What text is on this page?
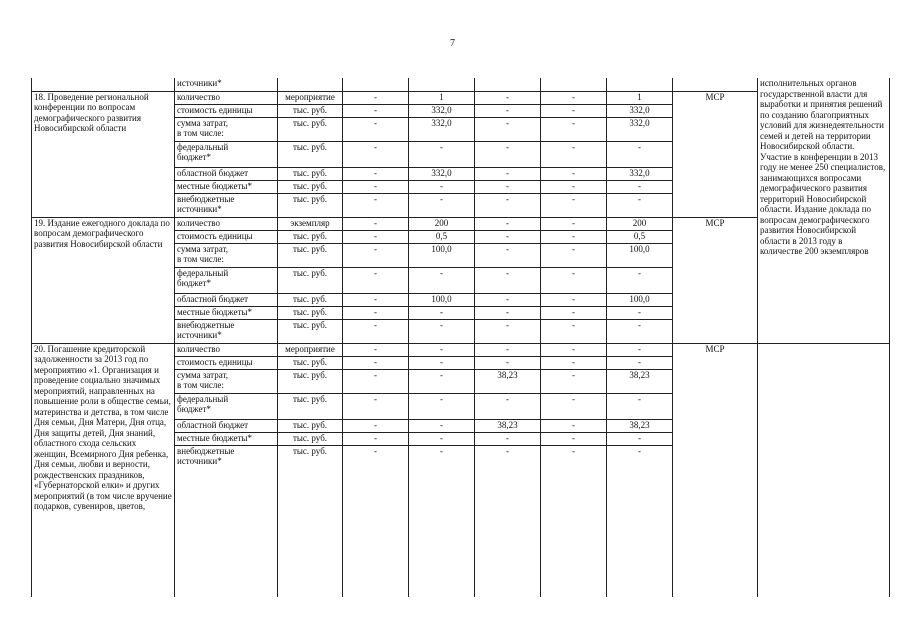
7
	источники*								исполнительных органов государственной власти для выработки и принятия решений по созданию благоприятных условий для жизнедеятельности семей и детей на территории Новосибирской области. Участие в конференции в 2013 году не менее 250 специалистов, занимающихся вопросами демографического развития территорий Новосибирской области. Издание доклада по вопросам демографического развития Новосибирской области в 2013 году в количестве 200 экземпляров
18. Проведение региональной конференции по вопросам демографического развития Новосибирской области	количество	мероприятие	-	1	-	-	1	МСР	
	стоимость единицы	тыс. руб.	-	332,0	-	-	332,0		
	сумма затрат,
в том числе:	тыс. руб.	-	332,0	-	-	332,0		
	федеральный
бюджет*	тыс. руб.	-	-	-	-	-		
	областной бюджет	тыс. руб.	-	332,0	-	-	332,0		
	местные бюджеты*	тыс. руб.	-	-	-	-	-		
	внебюджетные
источники*	тыс. руб.	-	-	-	-	-		
19. Издание ежегодного доклада по вопросам демографического развития Новосибирской области	количество	экземпляр	-	200	-	-	200	МСР	
	стоимость единицы	тыс. руб.	-	0,5	-	-	0,5		
	сумма затрат,
в том числе:	тыс. руб.	-	100,0	-	-	100,0		
	федеральный
бюджет*	тыс. руб.	-	-	-	-	-		
	областной бюджет	тыс. руб.	-	100,0	-	-	100,0		
	местные бюджеты*	тыс. руб.	-	-	-	-	-		
	внебюджетные
источники*	тыс. руб.	-	-	-	-	-		
20. Погашение кредиторской задолженности за 2013 год по мероприятию «1. Организация и проведение социально значимых мероприятий, направленных на повышение роли в обществе семьи, материнства и детства, в том числе Дня семьи, Дня Матери, Дня отца, Дня защиты детей, Дня знаний, областного схода сельских женщин, Всемирного Дня ребенка, Дня семьи, любви и верности, рождественских праздников, «Губернаторской елки» и других мероприятий (в том числе вручение подарков, сувениров, цветов,	количество	мероприятие	-	-	-	-	-	МСР	
	стоимость единицы	тыс. руб.	-	-	-	-	-		
	сумма затрат,
в том числе:	тыс. руб.	-	-	38,23	-	38,23		
	федеральный
бюджет*	тыс. руб.	-	-	-	-	-		
	областной бюджет	тыс. руб.	-	-	38,23	-	38,23		
	местные бюджеты*	тыс. руб.	-	-	-	-	-		
	внебюджетные
источники*	тыс. руб.	-	-	-	-	-		
